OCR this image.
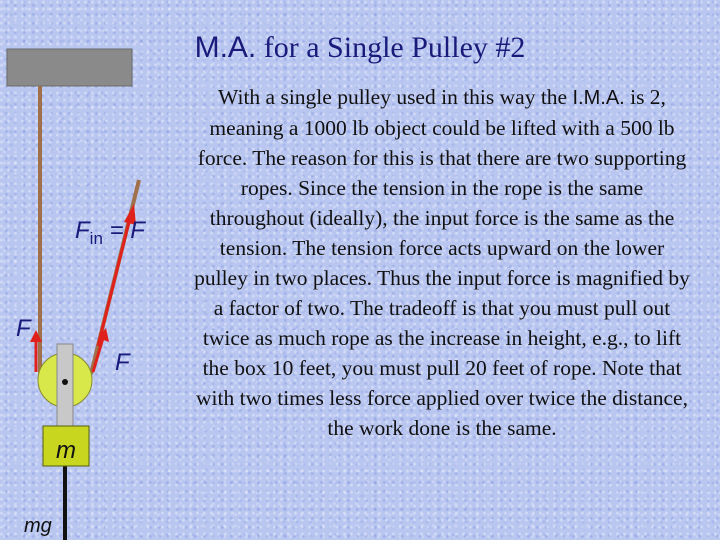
M.A. for a Single Pulley #2
With a single pulley used in this way the I.M.A. is 2, meaning a 1000 lb object could be lifted with a 500 lb force. The reason for this is that there are two supporting ropes. Since the tension in the rope is the same throughout (ideally), the input force is the same as the tension. The tension force acts upward on the lower pulley in two places. Thus the input force is magnified by a factor of two. The tradeoff is that you must pull out twice as much rope as the increase in height, e.g., to lift the box 10 feet, you must pull 20 feet of rope. Note that with two times less force applied over twice the distance, the work done is the same.
m
$F_{in} = F$
F
F
mg
